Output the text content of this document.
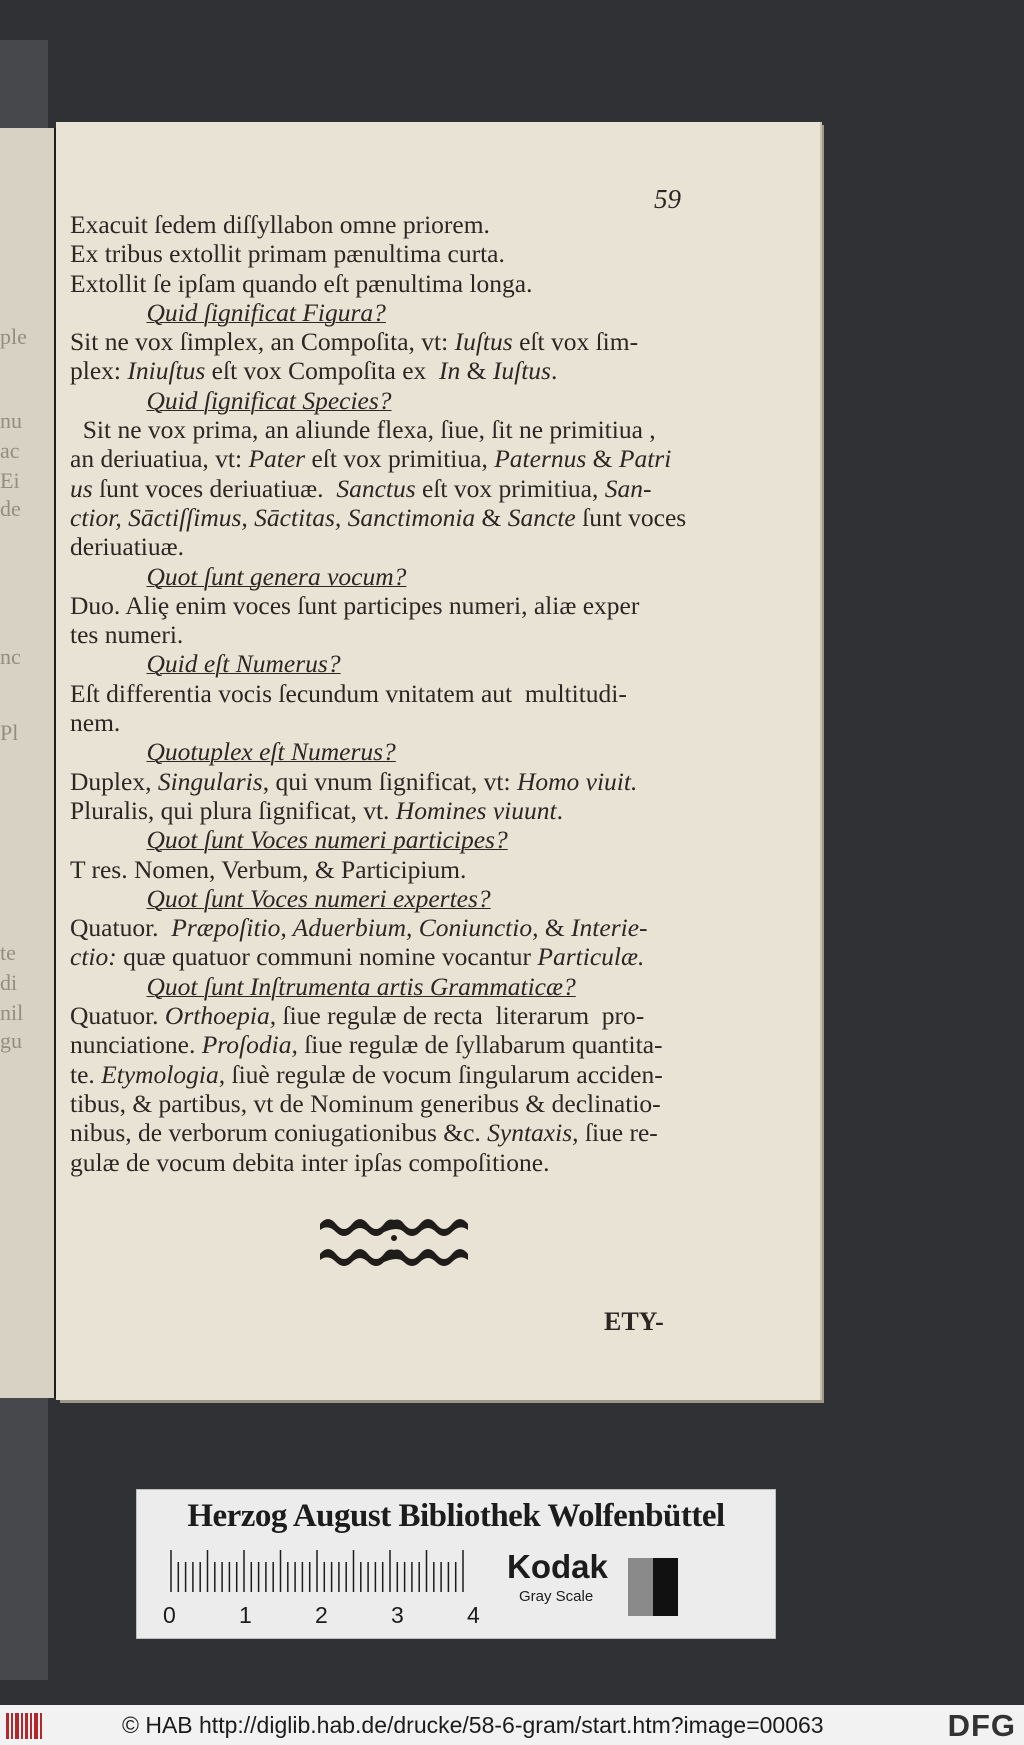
ple
nu
ac
Ei
de
nc
Pl
te
di
nil
gu
59
Exacuit ſedem diſſyllabon omne priorem.
Ex tribus extollit primam pænultima curta.
Extollit ſe ipſam quando eſt pænultima longa.
Quid ſignificat Figura?
Sit ne vox ſimplex, an Compoſita, vt: Iuſtus eſt vox ſim-
plex: Iniuſtus eſt vox Compoſita ex  In & Iuſtus.
Quid ſignificat Species?
Sit ne vox prima, an aliunde flexa, ſiue, ſit ne primitiua ,
an deriuatiua, vt: Pater eſt vox primitiua, Paternus & Patri
us ſunt voces deriuatiuæ.  Sanctus eſt vox primitiua, San-
ctior, Sāctiſſimus, Sāctitas, Sanctimonia & Sancte ſunt voces
deriuatiuæ.
Quot ſunt genera vocum?
Duo. Aliȩ enim voces ſunt participes numeri, aliæ exper
tes numeri.
Quid eſt Numerus?
Eſt differentia vocis ſecundum vnitatem aut  multitudi-
nem.
Quotuplex eſt Numerus?
Duplex, Singularis, qui vnum ſignificat, vt: Homo viuit.
Pluralis, qui plura ſignificat, vt. Homines viuunt.
Quot ſunt Voces numeri participes?
T res. Nomen, Verbum, & Participium.
Quot ſunt Voces numeri expertes?
Quatuor.  Præpoſitio, Aduerbium, Coniunctio, & Interie-
ctio: quæ quatuor communi nomine vocantur Particulæ.
Quot ſunt Inſtrumenta artis Grammaticæ?
Quatuor. Orthoepia, ſiue regulæ de recta  literarum  pro-
nunciatione. Proſodia, ſiue regulæ de ſyllabarum quantita-
te. Etymologia, ſiuè regulæ de vocum ſingularum acciden-
tibus, & partibus, vt de Nominum generibus & declinatio-
nibus, de verborum coniugationibus &c. Syntaxis, ſiue re-
gulæ de vocum debita inter ipſas compoſitione.
ETY-
Herzog August Bibliothek Wolfenbüttel
0	1	2	3	4
Kodak
Gray Scale
© HAB http://diglib.hab.de/drucke/58-6-gram/start.htm?image=00063	DFG
